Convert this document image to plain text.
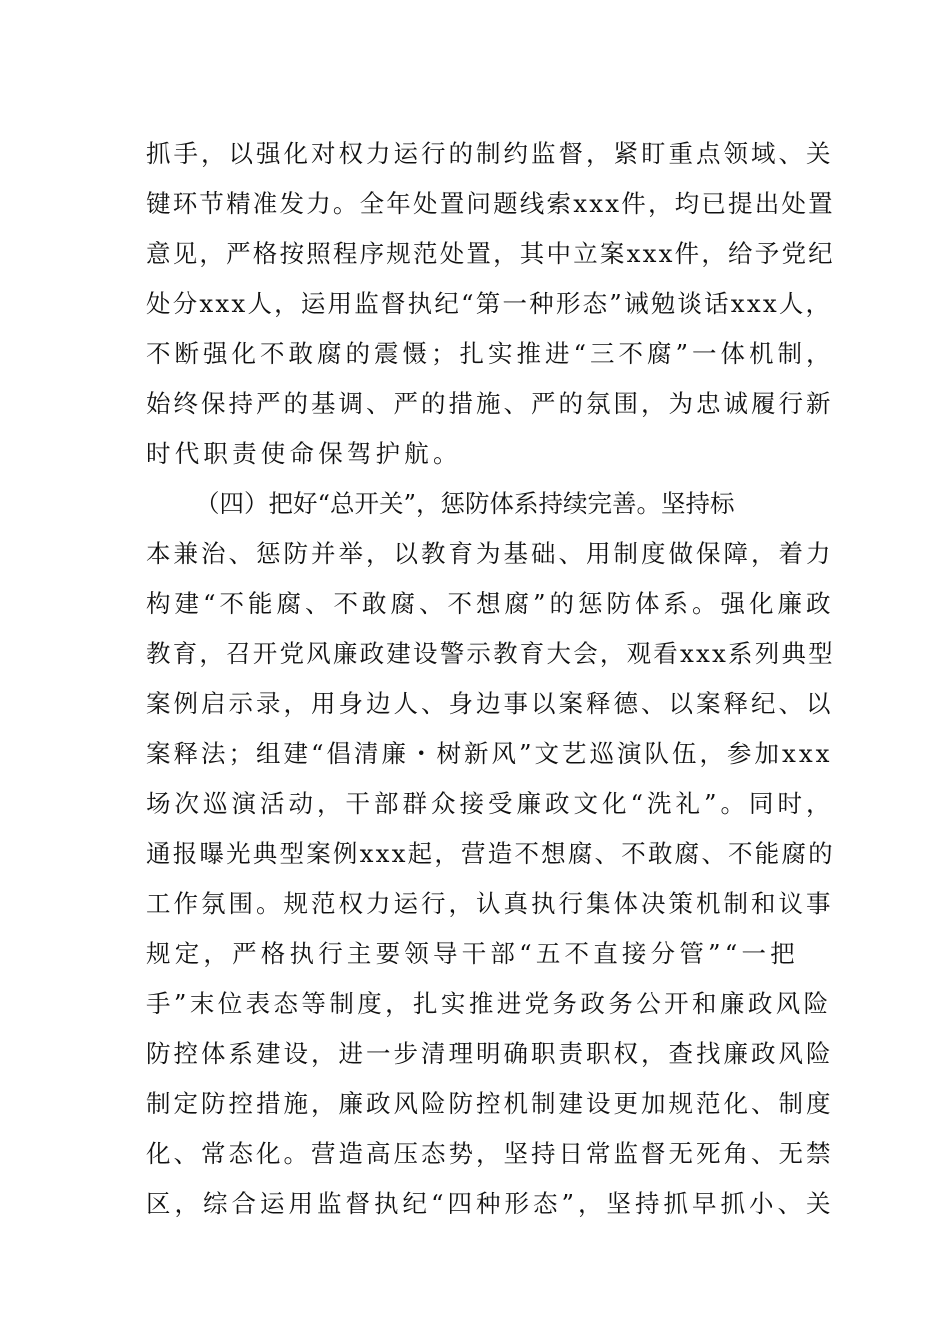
抓手，以强化对权力运行的制约监督，紧盯重点领域、关
键环节精准发力。全年处置问题线索xxx件，均已提出处置
意见，严格按照程序规范处置，其中立案xxx件，给予党纪
处分xxx人，运用监督执纪“第一种形态”诫勉谈话xxx人，
不断强化不敢腐的震慑；扎实推进“三不腐”一体机制，
始终保持严的基调、严的措施、严的氛围，为忠诚履行新
时代职责使命保驾护航。
（四）把好“总开关”，惩防体系持续完善。坚持标
本兼治、惩防并举，以教育为基础、用制度做保障，着力
构建“不能腐、不敢腐、不想腐”的惩防体系。强化廉政
教育，召开党风廉政建设警示教育大会，观看xxx系列典型
案例启示录，用身边人、身边事以案释德、以案释纪、以
案释法；组建“倡清廉・树新风”文艺巡演队伍，参加xxx
场次巡演活动，干部群众接受廉政文化“洗礼”。同时，
通报曝光典型案例xxx起，营造不想腐、不敢腐、不能腐的
工作氛围。规范权力运行，认真执行集体决策机制和议事
规定，严格执行主要领导干部“五不直接分管”“一把
手”末位表态等制度，扎实推进党务政务公开和廉政风险
防控体系建设，进一步清理明确职责职权，查找廉政风险
制定防控措施，廉政风险防控机制建设更加规范化、制度
化、常态化。营造高压态势，坚持日常监督无死角、无禁
区，综合运用监督执纪“四种形态”，坚持抓早抓小、关
